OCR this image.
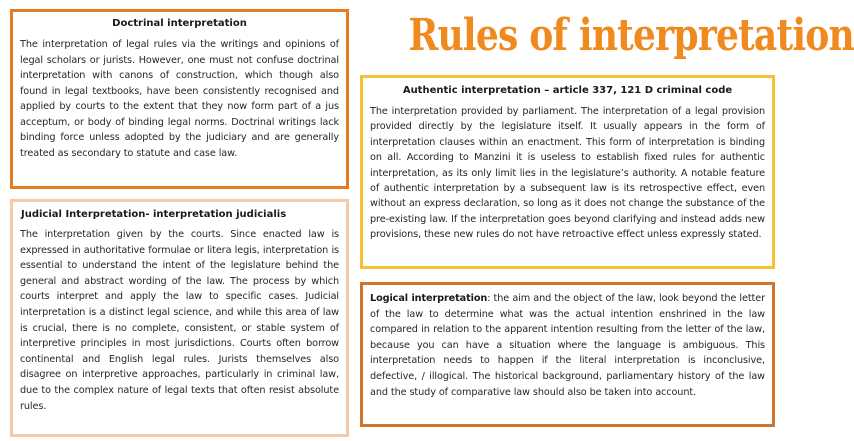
Rules of interpretation

Doctrinal interpretation

The interpretation of legal rules via the writings and opinions of legal scholars or jurists. However, one must not confuse doctrinal interpretation with canons of construction, which though also found in legal textbooks, have been consistently recognised and applied by courts to the extent that they now form part of a jus acceptum, or body of binding legal norms. Doctrinal writings lack binding force unless adopted by the judiciary and are generally treated as secondary to statute and case law.

Judicial Interpretation- interpretation judicialis

The interpretation given by the courts. Since enacted law is expressed in authoritative formulae or litera legis, interpretation is essential to understand the intent of the legislature behind the general and abstract wording of the law. The process by which courts interpret and apply the law to specific cases. Judicial interpretation is a distinct legal science, and while this area of law is crucial, there is no complete, consistent, or stable system of interpretive principles in most jurisdictions. Courts often borrow continental and English legal rules. Jurists themselves also disagree on interpretive approaches, particularly in criminal law, due to the complex nature of legal texts that often resist absolute rules.

Authentic interpretation – article 337, 121 D criminal code

The interpretation provided by parliament. The interpretation of a legal provision provided directly by the legislature itself. It usually appears in the form of interpretation clauses within an enactment. This form of interpretation is binding on all. According to Manzini it is useless to establish fixed rules for authentic interpretation, as its only limit lies in the legislature’s authority. A notable feature of authentic interpretation by a subsequent law is its retrospective effect, even without an express declaration, so long as it does not change the substance of the pre-existing law. If the interpretation goes beyond clarifying and instead adds new provisions, these new rules do not have retroactive effect unless expressly stated.

Logical interpretation: the aim and the object of the law, look beyond the letter of the law to determine what was the actual intention enshrined in the law compared in relation to the apparent intention resulting from the letter of the law, because you can have a situation where the language is ambiguous. This interpretation needs to happen if the literal interpretation is inconclusive, defective, / illogical. The historical background, parliamentary history of the law and the study of comparative law should also be taken into account.
